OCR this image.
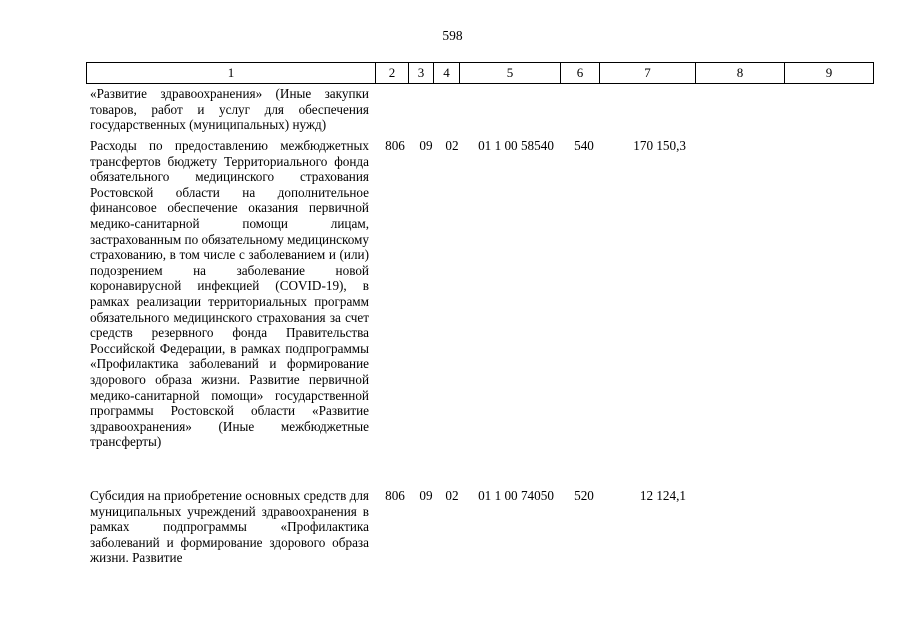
598
1	2	3	4	5	6	7	8	9
«Развитие здравоохранения» (Иные закупки товаров, работ и услуг для обеспечения государственных (муниципальных) нужд)
Расходы по предоставлению межбюджетных трансфертов бюджету Территориального фонда обязательного медицинского страхования Ростовской области на дополнительное финансовое обеспечение оказания первичной медико-санитарной помощи лицам, застрахованным по обязательному медицинскому страхованию, в том числе с заболеванием и (или) подозрением на заболевание новой коронавирусной инфекцией (COVID-19), в рамках реализации территориальных программ обязательного медицинского страхования за счет средств резервного фонда Правительства Российской Федерации, в рамках подпрограммы «Профилактика заболеваний и формирование здорового образа жизни. Развитие первичной медико-санитарной помощи» государственной программы Ростовской области «Развитие здравоохранения» (Иные межбюджетные трансферты)
806	09 02	01 1 00 58540	540	170 150,3
Субсидия на приобретение основных средств для муниципальных учреждений здравоохранения в рамках подпрограммы «Профилактика заболеваний и формирование здорового образа жизни. Развитие
806	09 02	01 1 00 74050	520	12 124,1
